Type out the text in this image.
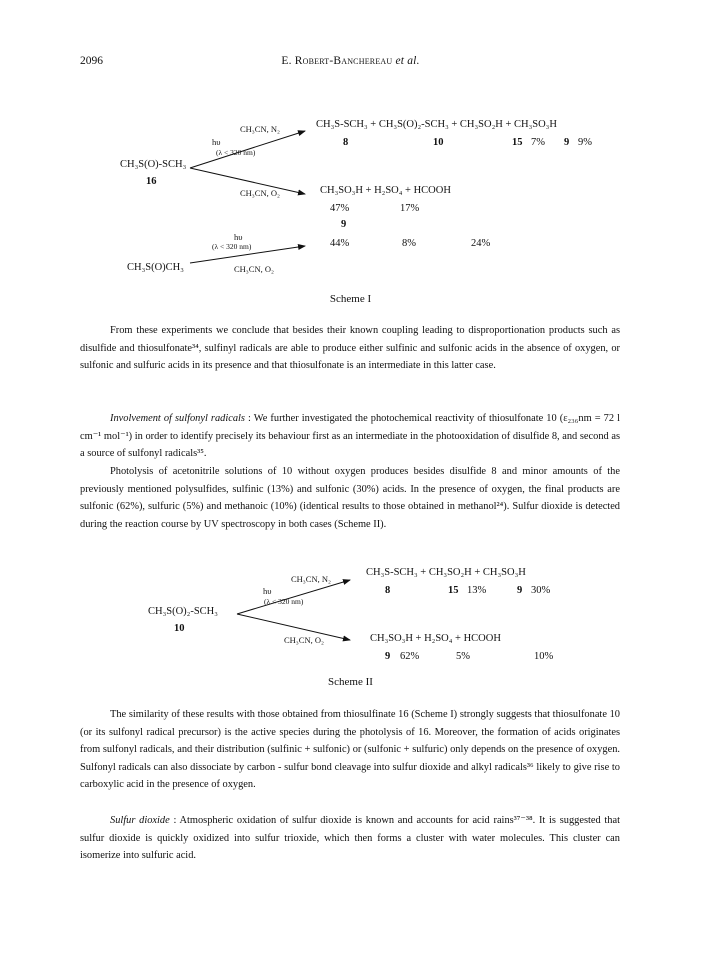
2096	E. Robert-Banchereau et al.
CH₃CN, N₂	CH₃S-SCH₃ + CH₃S(O)₂-SCH₃ + CH₃SO₂H + CH₃SO₃H
8	10	15 7% 9 9%
hυ
(λ < 320 nm)
CH₃S(O)-SCH₃
16
CH₃CN, O₂	CH₃SO₃H + H₂SO₄ + HCOOH
47%	17%
9
hυ
(λ < 320 nm)	44%	8%	24%
CH₃S(O)CH₃	CH₃CN, O₂
Scheme I

From these experiments we conclude that besides their known coupling leading to disproportionation products such as disulfide and thiosulfonate³⁴, sulfinyl radicals are able to produce either sulfinic and sulfonic acids in the absence of oxygen, or sulfonic and sulfuric acids in its presence and that thiosulfonate is an intermediate in this latter case.

Involvement of sulfonyl radicals : We further investigated the photochemical reactivity of thiosulfonate 10 (ε₂₃₆nm = 72 l cm⁻¹ mol⁻¹) in order to identify precisely its behaviour first as an intermediate in the photooxidation of disulfide 8, and second as a source of sulfonyl radicals³⁵.

Photolysis of acetonitrile solutions of 10 without oxygen produces besides disulfide 8 and minor amounts of the previously mentioned polysulfides, sulfinic (13%) and sulfonic (30%) acids. In the presence of oxygen, the final products are sulfonic (62%), sulfuric (5%) and methanoic (10%) (identical results to those obtained in methanol²⁴). Sulfur dioxide is detected during the reaction course by UV spectroscopy in both cases (Scheme II).

CH₃CN, N₂
CH₃S-SCH₃ + CH₃SO₂H + CH₃SO₃H
8	15 13%	9 30%
hυ
(λ < 320 nm)
CH₃S(O)₂-SCH₃
10
CH₃CN, O₂	CH₃SO₃H + H₂SO₄ + HCOOH
9 62%	5%	10%
Scheme II

The similarity of these results with those obtained from thiosulfinate 16 (Scheme I) strongly suggests that thiosulfonate 10 (or its sulfonyl radical precursor) is the active species during the photolysis of 16. Moreover, the formation of acids originates from sulfonyl radicals, and their distribution (sulfinic + sulfonic) or (sulfonic + sulfuric) only depends on the presence of oxygen. Sulfonyl radicals can also dissociate by carbon - sulfur bond cleavage into sulfur dioxide and alkyl radicals³⁶ likely to give rise to carboxylic acid in the presence of oxygen.

Sulfur dioxide : Atmospheric oxidation of sulfur dioxide is known and accounts for acid rains³⁷⁻³⁸. It is suggested that sulfur dioxide is quickly oxidized into sulfur trioxide, which then forms a cluster with water molecules. This cluster can isomerize into sulfuric acid.
